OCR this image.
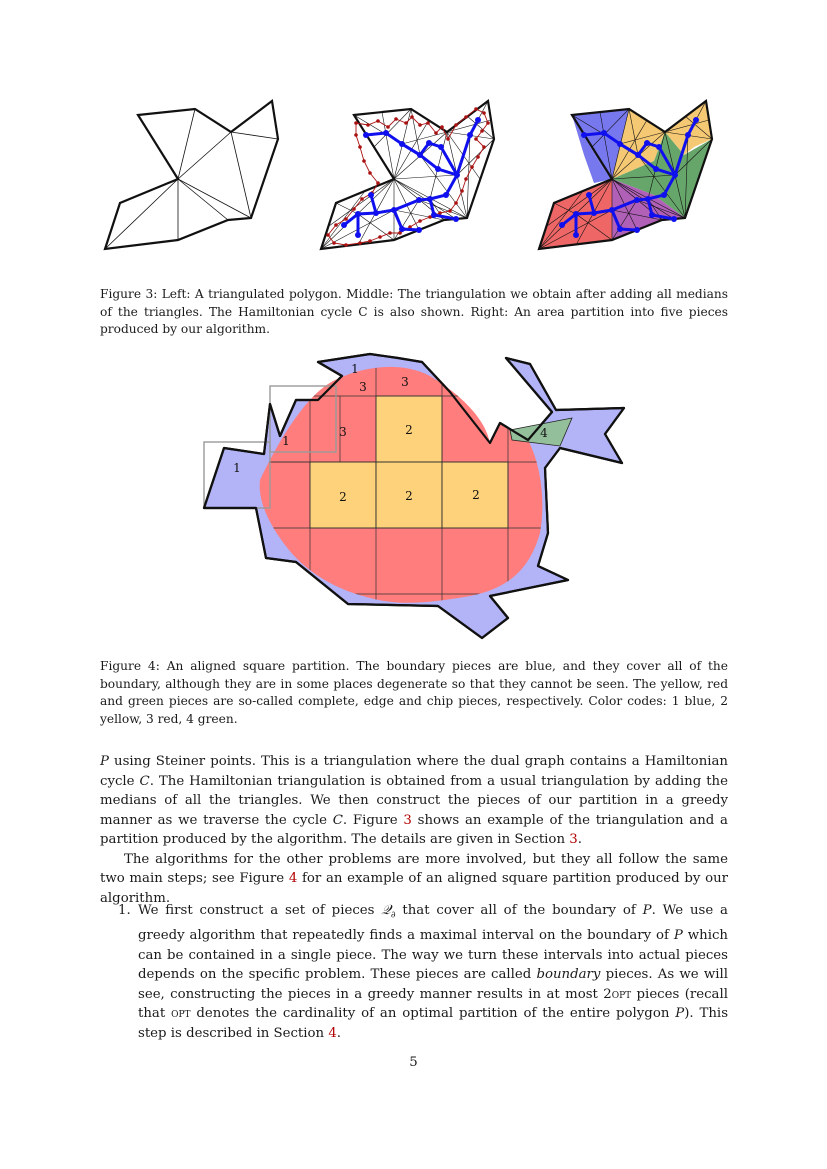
Figure 3: Left: A triangulated polygon. Middle: The triangulation we obtain after adding all medians of the triangles. The Hamiltonian cycle C is also shown. Right: An area partition into five pieces produced by our algorithm.
1
1
1
3	3
3	2
2	2	2
4
Figure 4: An aligned square partition. The boundary pieces are blue, and they cover all of the boundary, although they are in some places degenerate so that they cannot be seen. The yellow, red and green pieces are so-called complete, edge and chip pieces, respectively. Color codes: 1 blue, 2 yellow, 3 red, 4 green.

P using Steiner points. This is a triangulation where the dual graph contains a Hamiltonian cycle C. The Hamiltonian triangulation is obtained from a usual triangulation by adding the medians of all the triangles. We then construct the pieces of our partition in a greedy manner as we traverse the cycle C. Figure 3 shows an example of the triangulation and a partition produced by the algorithm. The details are given in Section 3.

The algorithms for the other problems are more involved, but they all follow the same two main steps; see Figure 4 for an example of an aligned square partition produced by our algorithm.

1. We first construct a set of pieces 𝒬$_\partial$ that cover all of the boundary of P. We use a greedy algorithm that repeatedly finds a maximal interval on the boundary of P which can be contained in a single piece. The way we turn these intervals into actual pieces depends on the specific problem. These pieces are called boundary pieces. As we will see, constructing the pieces in a greedy manner results in at most 2opt pieces (recall that opt denotes the cardinality of an optimal partition of the entire polygon P). This step is described in Section 4.
5
